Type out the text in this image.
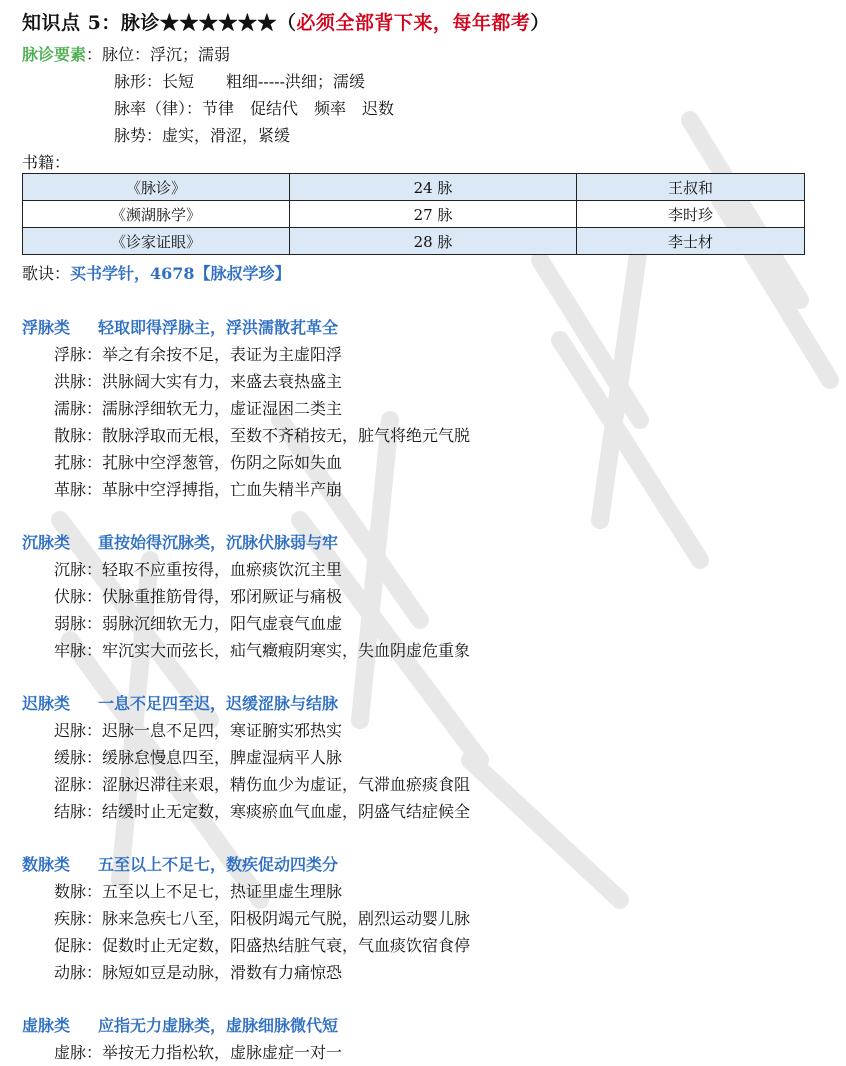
知识点 5：脉诊★★★★★★（必须全部背下来，每年都考）
脉诊要素：脉位：浮沉；濡弱
脉形：长短　　粗细-----洪细；濡缓
脉率（律）：节律　促结代　频率　迟数
脉势：虚实，滑涩，紧缓
书籍：
《脉诊》	24 脉	王叔和
《濒湖脉学》	27 脉	李时珍
《诊家证眼》	28 脉	李士材
歌诀：买书学针，4678【脉叔学珍】
浮脉类 轻取即得浮脉主，浮洪濡散芤革全
浮脉：举之有余按不足，表证为主虚阳浮
洪脉：洪脉阔大实有力，来盛去衰热盛主
濡脉：濡脉浮细软无力，虚证湿困二类主
散脉：散脉浮取而无根，至数不齐稍按无，脏气将绝元气脱
芤脉：芤脉中空浮葱管，伤阴之际如失血
革脉：革脉中空浮搏指，亡血失精半产崩
沉脉类 重按始得沉脉类，沉脉伏脉弱与牢
沉脉：轻取不应重按得，血瘀痰饮沉主里
伏脉：伏脉重推筋骨得，邪闭厥证与痛极
弱脉：弱脉沉细软无力，阳气虚衰气血虚
牢脉：牢沉实大而弦长，疝气癥瘕阴寒实，失血阴虚危重象
迟脉类 一息不足四至迟，迟缓涩脉与结脉
迟脉：迟脉一息不足四，寒证腑实邪热实
缓脉：缓脉怠慢息四至，脾虚湿病平人脉
涩脉：涩脉迟滞往来艰，精伤血少为虚证，气滞血瘀痰食阻
结脉：结缓时止无定数，寒痰瘀血气血虚，阴盛气结症候全
数脉类 五至以上不足七，数疾促动四类分
数脉：五至以上不足七，热证里虚生理脉
疾脉：脉来急疾七八至，阳极阴竭元气脱，剧烈运动婴儿脉
促脉：促数时止无定数，阳盛热结脏气衰，气血痰饮宿食停
动脉：脉短如豆是动脉，滑数有力痛惊恐
虚脉类 应指无力虚脉类，虚脉细脉微代短
虚脉：举按无力指松软，虚脉虚症一对一
